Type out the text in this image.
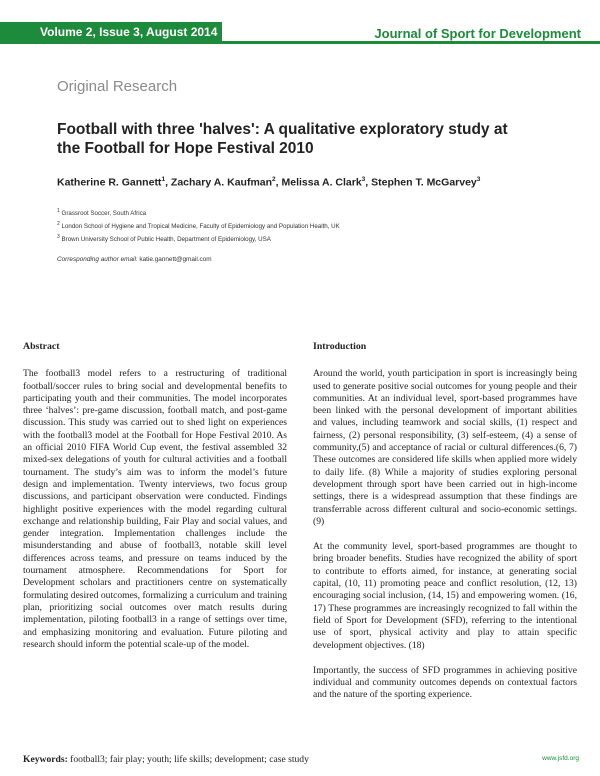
Volume 2, Issue 3, August 2014	Journal of Sport for Development
Original Research
Football with three 'halves': A qualitative exploratory study at the Football for Hope Festival 2010
Katherine R. Gannett$^1$, Zachary A. Kaufman$^2$, Melissa A. Clark$^3$, Stephen T. McGarvey$^3$
$^1$ Grassroot Soccer, South Africa
$^2$ London School of Hygiene and Tropical Medicine, Faculty of Epidemiology and Population Health, UK
$^3$ Brown University School of Public Health, Department of Epidemiology, USA
Corresponding author email: katie.gannett@gmail.com
Abstract

The football3 model refers to a restructuring of traditional football/soccer rules to bring social and developmental benefits to participating youth and their communities. The model incorporates three ‘halves’: pre-game discussion, football match, and post-game discussion. This study was carried out to shed light on experiences with the football3 model at the Football for Hope Festival 2010. As an official 2010 FIFA World Cup event, the festival assembled 32 mixed-sex delegations of youth for cultural activities and a football tournament. The study’s aim was to inform the model’s future design and implementation. Twenty interviews, two focus group discussions, and participant observation were conducted. Findings highlight positive experiences with the model regarding cultural exchange and relationship building, Fair Play and social values, and gender integration. Implementation challenges include the misunderstanding and abuse of football3, notable skill level differences across teams, and pressure on teams induced by the tournament atmosphere. Recommendations for Sport for Development scholars and practitioners centre on systematically formulating desired outcomes, formalizing a curriculum and training plan, prioritizing social outcomes over match results during implementation, piloting football3 in a range of settings over time, and emphasizing monitoring and evaluation. Future piloting and research should inform the potential scale-up of the model.

Introduction

Around the world, youth participation in sport is increasingly being used to generate positive social outcomes for young people and their communities. At an individual level, sport-based programmes have been linked with the personal development of important abilities and values, including teamwork and social skills, (1) respect and fairness, (2) personal responsibility, (3) self-esteem, (4) a sense of community,(5) and acceptance of racial or cultural differences.(6, 7) These outcomes are considered life skills when applied more widely to daily life. (8) While a majority of studies exploring personal development through sport have been carried out in high-income settings, there is a widespread assumption that these findings are transferrable across different cultural and socio-economic settings. (9)

At the community level, sport-based programmes are thought to bring broader benefits. Studies have recognized the ability of sport to contribute to efforts aimed, for instance, at generating social capital, (10, 11) promoting peace and conflict resolution, (12, 13) encouraging social inclusion, (14, 15) and empowering women. (16, 17) These programmes are increasingly recognized to fall within the field of Sport for Development (SFD), referring to the intentional use of sport, physical activity and play to attain specific development objectives. (18)

Importantly, the success of SFD programmes in achieving positive individual and community outcomes depends on contextual factors and the nature of the sporting experience.

Keywords: football3; fair play; youth; life skills; development; case study	www.jsfd.org
